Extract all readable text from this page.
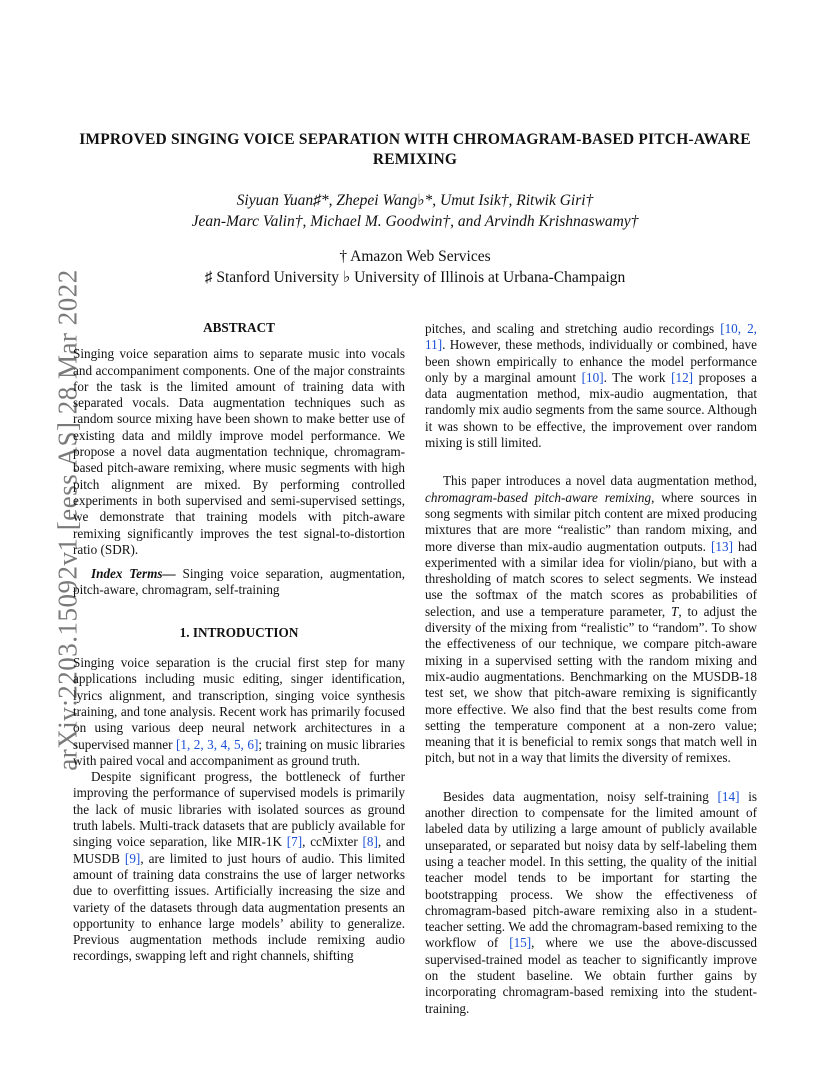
arXiv:2203.15092v1 [eess.AS] 28 Mar 2022
IMPROVED SINGING VOICE SEPARATION WITH CHROMAGRAM-BASED PITCH-AWARE
REMIXING
Siyuan Yuan♯*, Zhepei Wang♭*, Umut Isik†, Ritwik Giri†
Jean-Marc Valin†, Michael M. Goodwin†, and Arvindh Krishnaswamy†
† Amazon Web Services
♯ Stanford University ♭ University of Illinois at Urbana-Champaign
ABSTRACT

Singing voice separation aims to separate music into vocals and accompaniment components. One of the major constraints for the task is the limited amount of training data with separated vocals. Data augmentation techniques such as random source mixing have been shown to make better use of existing data and mildly improve model performance. We propose a novel data augmentation technique, chromagram-based pitch-aware remixing, where music segments with high pitch alignment are mixed. By performing controlled experiments in both supervised and semi-supervised settings, we demonstrate that training models with pitch-aware remixing significantly improves the test signal-to-distortion ratio (SDR).

Index Terms— Singing voice separation, augmentation, pitch-aware, chromagram, self-training

1. INTRODUCTION

Singing voice separation is the crucial first step for many applications including music editing, singer identification, lyrics alignment, and transcription, singing voice synthesis training, and tone analysis. Recent work has primarily focused on using various deep neural network architectures in a supervised manner [1, 2, 3, 4, 5, 6]; training on music libraries with paired vocal and accompaniment as ground truth.

Despite significant progress, the bottleneck of further improving the performance of supervised models is primarily the lack of music libraries with isolated sources as ground truth labels. Multi-track datasets that are publicly available for singing voice separation, like MIR-1K [7], ccMixter [8], and MUSDB [9], are limited to just hours of audio. This limited amount of training data constrains the use of larger networks due to overfitting issues. Artificially increasing the size and variety of the datasets through data augmentation presents an opportunity to enhance large models’ ability to generalize. Previous augmentation methods include remixing audio recordings, swapping left and right channels, shifting

pitches, and scaling and stretching audio recordings [10, 2, 11]. However, these methods, individually or combined, have been shown empirically to enhance the model performance only by a marginal amount [10]. The work [12] proposes a data augmentation method, mix-audio augmentation, that randomly mix audio segments from the same source. Although it was shown to be effective, the improvement over random mixing is still limited.

This paper introduces a novel data augmentation method, chromagram-based pitch-aware remixing, where sources in song segments with similar pitch content are mixed producing mixtures that are more “realistic” than random mixing, and more diverse than mix-audio augmentation outputs. [13] had experimented with a similar idea for violin/piano, but with a thresholding of match scores to select segments. We instead use the softmax of the match scores as probabilities of selection, and use a temperature parameter, T, to adjust the diversity of the mixing from “realistic” to “random”. To show the effectiveness of our technique, we compare pitch-aware mixing in a supervised setting with the random mixing and mix-audio augmentations. Benchmarking on the MUSDB-18 test set, we show that pitch-aware remixing is significantly more effective. We also find that the best results come from setting the temperature component at a non-zero value; meaning that it is beneficial to remix songs that match well in pitch, but not in a way that limits the diversity of remixes.

Besides data augmentation, noisy self-training [14] is another direction to compensate for the limited amount of labeled data by utilizing a large amount of publicly available unseparated, or separated but noisy data by self-labeling them using a teacher model. In this setting, the quality of the initial teacher model tends to be important for starting the bootstrapping process. We show the effectiveness of chromagram-based pitch-aware remixing also in a student-teacher setting. We add the chromagram-based remixing to the workflow of [15], where we use the above-discussed supervised-trained model as teacher to significantly improve on the student baseline. We obtain further gains by incorporating chromagram-based remixing into the student-training.
